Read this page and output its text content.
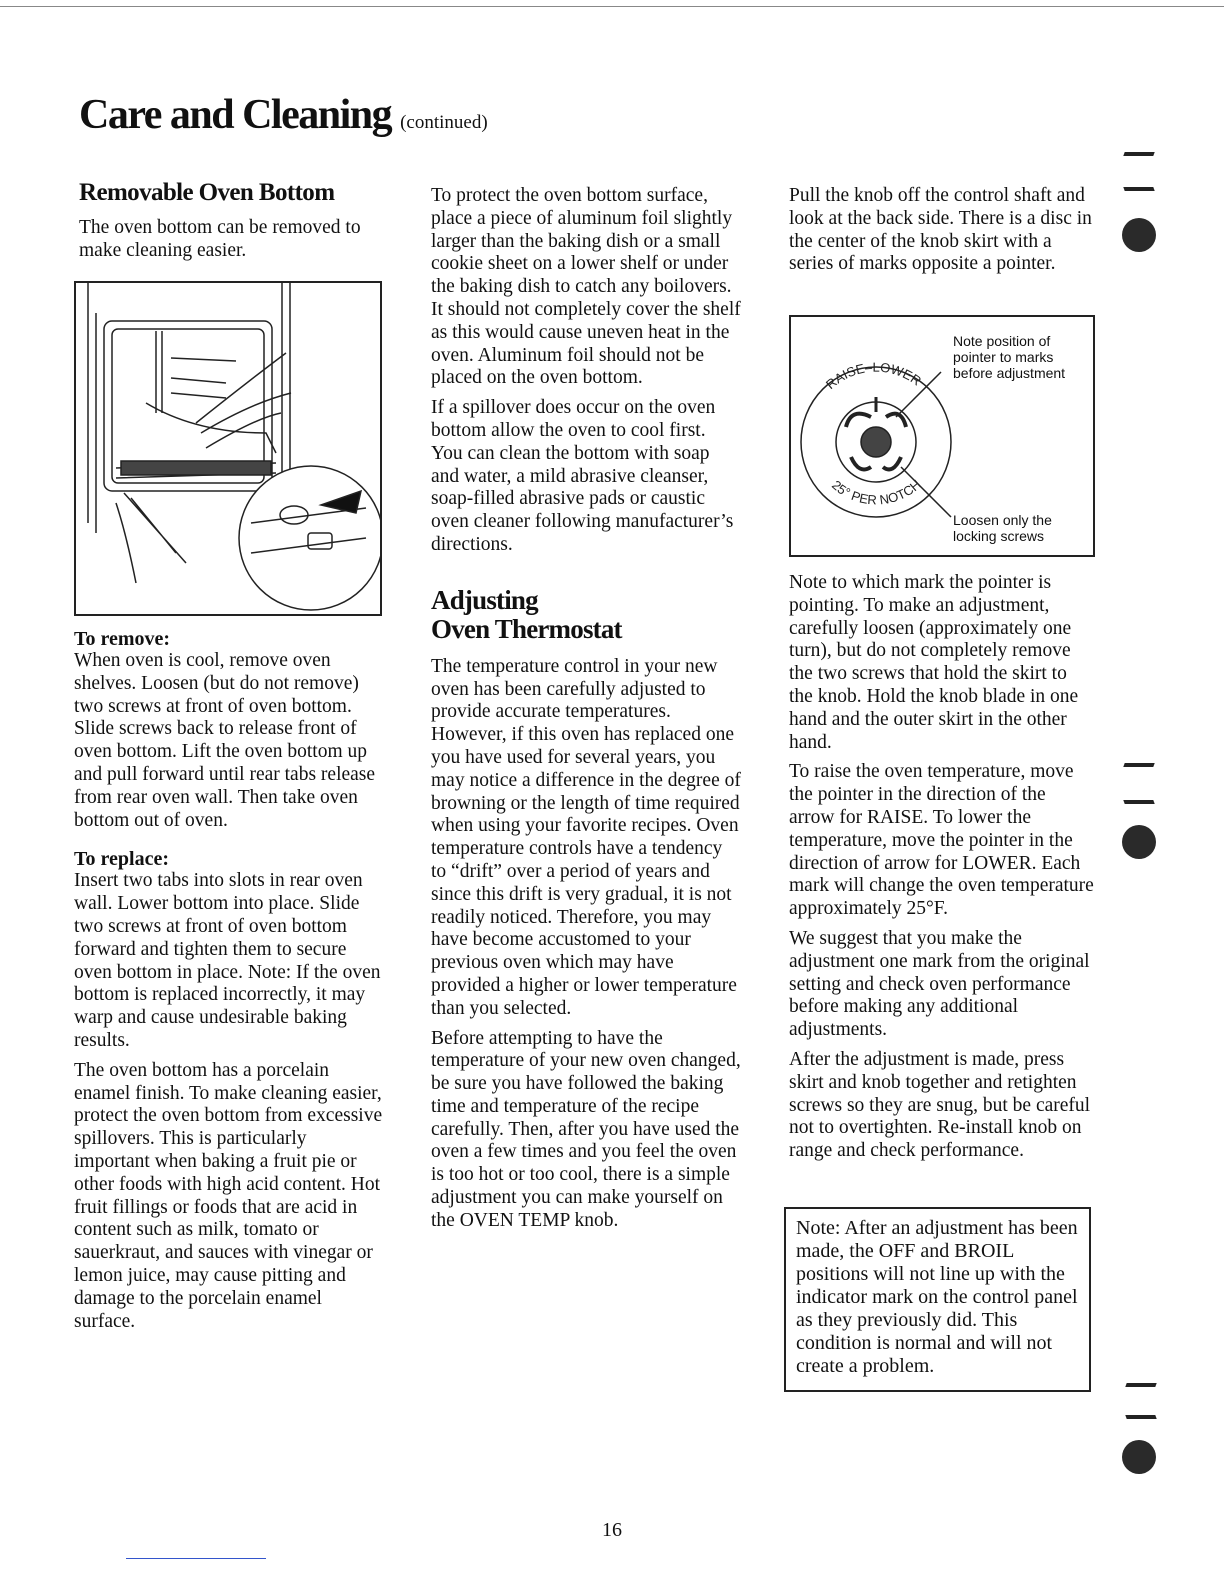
Care and Cleaning (continued)
Removable Oven Bottom

The oven bottom can be removed to make cleaning easier.

To remove:

When oven is cool, remove oven shelves. Loosen (but do not remove) two screws at front of oven bottom. Slide screws back to release front of oven bottom. Lift the oven bottom up and pull forward until rear tabs release from rear oven wall. Then take oven bottom out of oven.

To replace:

Insert two tabs into slots in rear oven wall. Lower bottom into place. Slide two screws at front of oven bottom forward and tighten them to secure oven bottom in place. Note: If the oven bottom is replaced incorrectly, it may warp and cause undesirable baking results.

The oven bottom has a porcelain enamel finish. To make cleaning easier, protect the oven bottom from excessive spillovers. This is particularly important when baking a fruit pie or other foods with high acid content. Hot fruit fillings or foods that are acid in content such as milk, tomato or sauerkraut, and sauces with vinegar or lemon juice, may cause pitting and damage to the porcelain enamel surface.

To protect the oven bottom surface, place a piece of aluminum foil slightly larger than the baking dish or a small cookie sheet on a lower shelf or under the baking dish to catch any boilovers. It should not completely cover the shelf as this would cause uneven heat in the oven. Aluminum foil should not be placed on the oven bottom.

If a spillover does occur on the oven bottom allow the oven to cool first. You can clean the bottom with soap and water, a mild abrasive cleanser, soap-filled abrasive pads or caustic oven cleaner following manufacturer’s directions.

Adjusting
Oven Thermostat

The temperature control in your new oven has been carefully adjusted to provide accurate temperatures. However, if this oven has replaced one you have used for several years, you may notice a difference in the degree of browning or the length of time required when using your favorite recipes. Oven temperature controls have a tendency to “drift” over a period of years and since this drift is very gradual, it is not readily noticed. Therefore, you may have become accustomed to your previous oven which may have provided a higher or lower temperature than you selected.

Before attempting to have the temperature of your new oven changed, be sure you have followed the baking time and temperature of the recipe carefully. Then, after you have used the oven a few times and you feel the oven is too hot or too cool, there is a simple adjustment you can make yourself on the OVEN TEMP knob.

Pull the knob off the control shaft and look at the back side. There is a disc in the center of the knob skirt with a series of marks opposite a pointer.

RAISE–LOWER
25° PER NOTCH
Note position of pointer to marks before adjustment
Loosen only the locking screws

Note to which mark the pointer is pointing. To make an adjustment, carefully loosen (approximately one turn), but do not completely remove the two screws that hold the skirt to the knob. Hold the knob blade in one hand and the outer skirt in the other hand.

To raise the oven temperature, move the pointer in the direction of the arrow for RAISE. To lower the temperature, move the pointer in the direction of arrow for LOWER. Each mark will change the oven temperature approximately 25°F.

We suggest that you make the adjustment one mark from the original setting and check oven performance before making any additional adjustments.

After the adjustment is made, press skirt and knob together and retighten screws so they are snug, but be careful not to overtighten. Re-install knob on range and check performance.

Note: After an adjustment has been made, the OFF and BROIL positions will not line up with the indicator mark on the control panel as they previously did. This condition is normal and will not create a problem.
16
